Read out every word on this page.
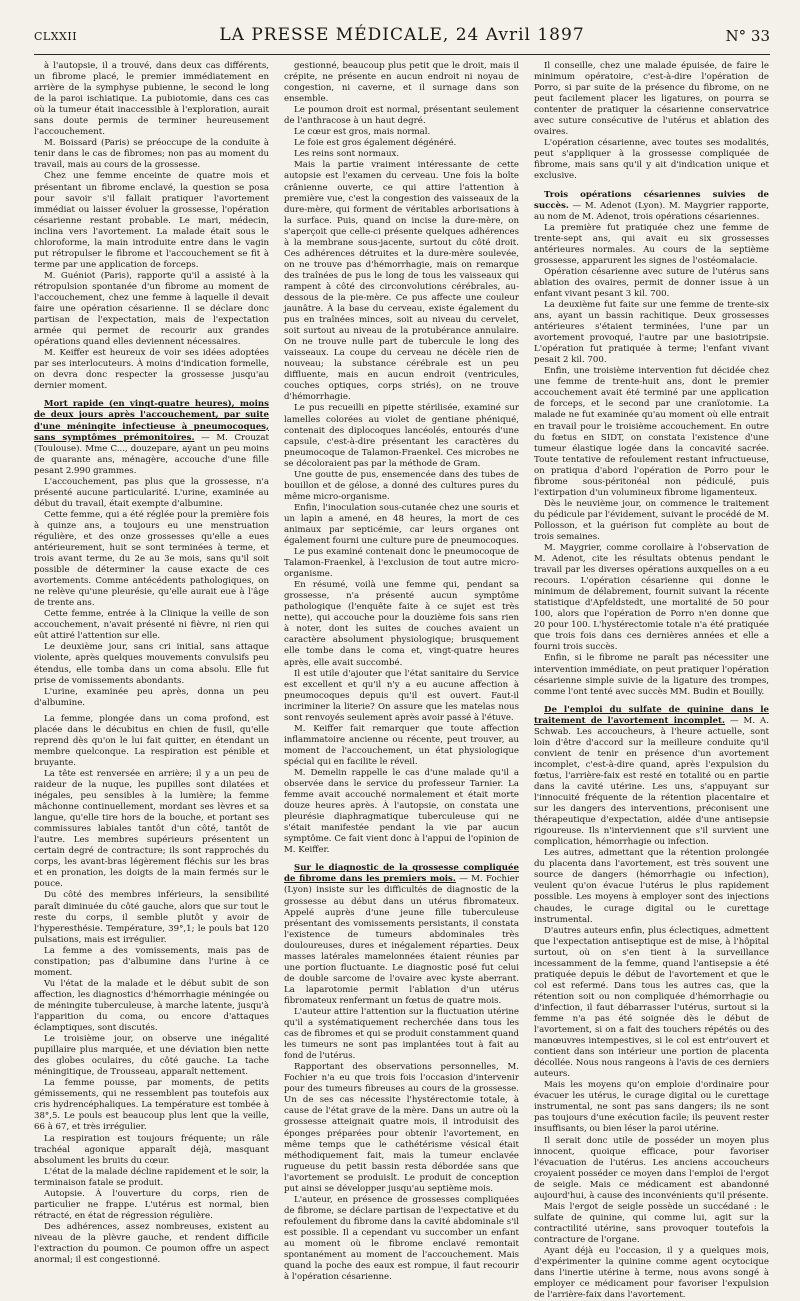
CLXXII	LA PRESSE MÉDICALE, 24 Avril 1897	N° 33

à l'autopsie, il a trouvé, dans deux cas différents, un fibrome placé, le premier immédiatement en arrière de la symphyse pubienne, le second le long de la paroi ischiatique. La pubiotomie, dans ces cas où la tumeur était inaccessible à l'exploration, aurait sans doute permis de terminer heureusement l'accouchement.

M. Boissard (Paris) se préoccupe de la conduite à tenir dans le cas de fibromes; non pas au moment du travail, mais au cours de la grossesse.

Chez une femme enceinte de quatre mois et présentant un fibrome enclavé, la question se posa pour savoir s'il fallait pratiquer l'avortement immédiat ou laisser évoluer la grossesse, l'opération césarienne restant probable. Le mari, médecin, inclina vers l'avortement. La malade était sous le chloroforme, la main introduite entre dans le vagin put rétropulser le fibrome et l'accouchement se fit à terme par une application de forceps.

M. Guéniot (Paris), rapporte qu'il a assisté à la rétropulsion spontanée d'un fibrome au moment de l'accouchement, chez une femme à laquelle il devait faire une opération césarienne. Il se déclare donc partisan de l'expectation, mais de l'expectation armée qui permet de recourir aux grandes opérations quand elles deviennent nécessaires.

M. Keiffer est heureux de voir ses idées adoptées par ses interlocuteurs. À moins d'indication formelle, on devra donc respecter la grossesse jusqu'au dernier moment.

Mort rapide (en vingt-quatre heures), moins de deux jours après l'accouchement, par suite d'une méningite infectieuse à pneumocoques, sans symptômes prémonitoires. — M. Crouzat (Toulouse). Mme C..., douzepare, ayant un peu moins de quarante ans, ménagère, accouche d'une fille pesant 2.990 grammes.

L'accouchement, pas plus que la grossesse, n'a présenté aucune particularité. L'urine, examinée au début du travail, était exempte d'albumine.

Cette femme, qui a été réglée pour la première fois à quinze ans, a toujours eu une menstruation régulière, et des onze grossesses qu'elle a eues antérieurement, huit se sont terminées à terme, et trois avant terme, du 2e au 3e mois, sans qu'il soit possible de déterminer la cause exacte de ces avortements. Comme antécédents pathologiques, on ne relève qu'une pleurésie, qu'elle aurait eue à l'âge de trente ans.

Cette femme, entrée à la Clinique la veille de son accouchement, n'avait présenté ni fièvre, ni rien qui eût attiré l'attention sur elle.

Le deuxième jour, sans cri initial, sans attaque violente, après quelques mouvements convulsifs peu étendus, elle tomba dans un coma absolu. Elle fut prise de vomissements abondants.

L'urine, examinée peu après, donna un peu d'albumine.

La femme, plongée dans un coma profond, est placée dans le décubitus en chien de fusil, qu'elle reprend dès qu'on le lui fait quitter, en étendant un membre quelconque. La respiration est pénible et bruyante.

La tête est renversée en arrière; il y a un peu de raideur de la nuque, les pupilles sont dilatées et inégales, peu sensibles à la lumière; la femme mâchonne continuellement, mordant ses lèvres et sa langue, qu'elle tire hors de la bouche, et portant ses commissures labiales tantôt d'un côté, tantôt de l'autre. Les membres supérieurs présentent un certain degré de contracture; ils sont rapprochés du corps, les avant-bras légèrement fléchis sur les bras et en pronation, les doigts de la main fermés sur le pouce.

Du côté des membres inférieurs, la sensibilité paraît diminuée du côté gauche, alors que sur tout le reste du corps, il semble plutôt y avoir de l'hyperesthésie. Température, 39°,1; le pouls bat 120 pulsations, mais est irrégulier.

La femme a des vomissements, mais pas de constipation; pas d'albumine dans l'urine à ce moment.

Vu l'état de la malade et le début subit de son affection, les diagnostics d'hémorrhagie méningée ou de méningite tuberculeuse, à marche latente, jusqu'à l'apparition du coma, ou encore d'attaques éclamptiques, sont discutés.

Le troisième jour, on observe une inégalité pupillaire plus marquée, et une déviation bien nette des globes oculaires, du côté gauche. La tache méningitique, de Trousseau, apparaît nettement.

La femme pousse, par moments, de petits gémissements, qui ne ressemblent pas toutefois aux cris hydrencéphaliques. La température est tombée à 38°,5. Le pouls est beaucoup plus lent que la veille, 66 à 67, et très irrégulier.

La respiration est toujours fréquente; un râle trachéal agonique apparaît déjà, masquant absolument les bruits du cœur.

L'état de la malade décline rapidement et le soir, la terminaison fatale se produit.

Autopsie. À l'ouverture du corps, rien de particulier ne frappe. L'utérus est normal, bien rétracté, en état de régression régulière.

Des adhérences, assez nombreuses, existent au niveau de la plèvre gauche, et rendent difficile l'extraction du poumon. Ce poumon offre un aspect anormal; il est congestionné.

gestionné, beaucoup plus petit que le droit, mais il crépite, ne présente en aucun endroit ni noyau de congestion, ni caverne, et il surnage dans son ensemble.

Le poumon droit est normal, présentant seulement de l'anthracose à un haut degré.

Le cœur est gros, mais normal.

Le foie est gros également dégénéré.

Les reins sont normaux.

Mais la partie vraiment intéressante de cette autopsie est l'examen du cerveau. Une fois la boîte crânienne ouverte, ce qui attire l'attention à première vue, c'est la congestion des vaisseaux de la dure-mère, qui forment de véritables arborisations à la surface. Puis, quand on incise la dure-mère, on s'aperçoit que celle-ci présente quelques adhérences à la membrane sous-jacente, surtout du côté droit. Ces adhérences détruites et la dure-mère soulevée, on ne trouve pas d'hémorrhagie, mais on remarque des traînées de pus le long de tous les vaisseaux qui rampent à côté des circonvolutions cérébrales, au-dessous de la pie-mère. Ce pus affecte une couleur jaunâtre. À la base du cerveau, existe également du pus en traînées minces, soit au niveau du cervelet, soit surtout au niveau de la protubérance annulaire. On ne trouve nulle part de tubercule le long des vaisseaux. La coupe du cerveau ne décèle rien de nouveau; la substance cérébrale est un peu diffluente, mais en aucun endroit (ventricules, couches optiques, corps striés), on ne trouve d'hémorrhagie.

Le pus recueilli en pipette stérilisée, examiné sur lamelles colorées au violet de gentiane phéniqué, contenait des diplocoques lancéolés, entourés d'une capsule, c'est-à-dire présentant les caractères du pneumocoque de Talamon-Fraenkel. Ces microbes ne se décoloraient pas par la méthode de Gram.

Une goutte de pus, ensemencée dans des tubes de bouillon et de gélose, a donné des cultures pures du même micro-organisme.

Enfin, l'inoculation sous-cutanée chez une souris et un lapin a amené, en 48 heures, la mort de ces animaux par septicémie, car leurs organes ont également fourni une culture pure de pneumocoques.

Le pus examiné contenait donc le pneumocoque de Talamon-Fraenkel, à l'exclusion de tout autre micro-organisme.

En résumé, voilà une femme qui, pendant sa grossesse, n'a présenté aucun symptôme pathologique (l'enquête faite à ce sujet est très nette), qui accouche pour la douzième fois sans rien à noter, dont les suites de couches avaient un caractère absolument physiologique; brusquement elle tombe dans le coma et, vingt-quatre heures après, elle avait succombé.

Il est utile d'ajouter que l'état sanitaire du Service est excellent et qu'il n'y a eu aucune affection à pneumocoques depuis qu'il est ouvert. Faut-il incriminer la literie? On assure que les matelas nous sont renvoyés seulement après avoir passé à l'étuve.

M. Keiffer fait remarquer que toute affection inflammatoire ancienne ou récente, peut trouver, au moment de l'accouchement, un état physiologique spécial qui en facilite le réveil.

M. Demelin rappelle le cas d'une malade qu'il a observée dans le service du professeur Tarnier. La femme avait accouché normalement et était morte douze heures après. À l'autopsie, on constata une pleurésie diaphragmatique tuberculeuse qui ne s'était manifestée pendant la vie par aucun symptôme. Ce fait vient donc à l'appui de l'opinion de M. Keiffer.

Sur le diagnostic de la grossesse compliquée de fibrome dans les premiers mois. — M. Fochier (Lyon) insiste sur les difficultés de diagnostic de la grossesse au début dans un utérus fibromateux. Appelé auprès d'une jeune fille tuberculeuse présentant des vomissements persistants, il constata l'existence de tumeurs abdominales très douloureuses, dures et inégalement réparties. Deux masses latérales mamelonnées étaient réunies par une portion fluctuante. Le diagnostic posé fut celui de double sarcome de l'ovaire avec kyste aberrant. La laparotomie permit l'ablation d'un utérus fibromateux renfermant un fœtus de quatre mois.

L'auteur attire l'attention sur la fluctuation utérine qu'il a systématiquement recherchée dans tous les cas de fibromes et qui se produit constamment quand les tumeurs ne sont pas implantées tout à fait au fond de l'utérus.

Rapportant des observations personnelles, M. Fochier n'a eu que trois fois l'occasion d'intervenir pour des tumeurs fibreuses au cours de la grossesse. Un de ses cas nécessite l'hystérectomie totale, à cause de l'état grave de la mère. Dans un autre où la grossesse atteignait quatre mois, il introduisit des éponges préparées pour obtenir l'avortement, en même temps que le cathétérisme vésical était méthodiquement fait, mais la tumeur enclavée rugueuse du petit bassin resta débordée sans que l'avortement se produisît. Le produit de conception put ainsi se développer jusqu'au septième mois.

L'auteur, en présence de grossesses compliquées de fibrome, se déclare partisan de l'expectative et du refoulement du fibrome dans la cavité abdominale s'il est possible. Il a cependant vu succomber un enfant au moment où le fibrome enclavé remontait spontanément au moment de l'accouchement. Mais quand la poche des eaux est rompue, il faut recourir à l'opération césarienne.

Il conseille, chez une malade épuisée, de faire le minimum opératoire, c'est-à-dire l'opération de Porro, si par suite de la présence du fibrome, on ne peut facilement placer les ligatures, on pourra se contenter de pratiquer la césarienne conservatrice avec suture consécutive de l'utérus et ablation des ovaires.

L'opération césarienne, avec toutes ses modalités, peut s'appliquer à la grossesse compliquée de fibrome, mais sans qu'il y ait d'indication unique et exclusive.

Trois opérations césariennes suivies de succès. — M. Adenot (Lyon). M. Maygrier rapporte, au nom de M. Adenot, trois opérations césariennes.

La première fut pratiquée chez une femme de trente-sept ans, qui avait eu six grossesses antérieures normales. Au cours de la septième grossesse, apparurent les signes de l'ostéomalacie.

Opération césarienne avec suture de l'utérus sans ablation des ovaires, permit de donner issue à un enfant vivant pesant 3 kil. 700.

La deuxième fut faite sur une femme de trente-six ans, ayant un bassin rachitique. Deux grossesses antérieures s'étaient terminées, l'une par un avortement provoqué, l'autre par une basiotripsie. L'opération fut pratiquée à terme; l'enfant vivant pesait 2 kil. 700.

Enfin, une troisième intervention fut décidée chez une femme de trente-huit ans, dont le premier accouchement avait été terminé par une application de forceps, et le second par une cranïotomie. La malade ne fut examinée qu'au moment où elle entrait en travail pour le troisième accouchement. En outre du fœtus en SIDT, on constata l'existence d'une tumeur élastique logée dans la concavité sacrée. Toute tentative de refoulement restant infructueuse, on pratiqua d'abord l'opération de Porro pour le fibrome sous-péritonéal non pédiculé, puis l'extirpation d'un volumineux fibrome ligamenteux.

Dès le neuvième jour, on commence le traitement du pédicule par l'évidement, suivant le procédé de M. Pollosson, et la guérison fut complète au bout de trois semaines.

M. Maygrier, comme corollaire à l'observation de M. Adenot, cite les résultats obtenus pendant le travail par les diverses opérations auxquelles on a eu recours. L'opération césarienne qui donne le minimum de délabrement, fournit suivant la récente statistique d'Apfeldstedt, une mortalité de 50 pour 100, alors que l'opération de Porro n'en donne que 20 pour 100. L'hystérectomie totale n'a été pratiquée que trois fois dans ces dernières années et elle a fourni trois succès.

Enfin, si le fibrome ne paraît pas nécessiter une intervention immédiate, on peut pratiquer l'opération césarienne simple suivie de la ligature des trompes, comme l'ont tenté avec succès MM. Budin et Bouilly.

De l'emploi du sulfate de quinine dans le traitement de l'avortement incomplet. — M. A. Schwab. Les accoucheurs, à l'heure actuelle, sont loin d'être d'accord sur la meilleure conduite qu'il convient de tenir en présence d'un avortement incomplet, c'est-à-dire quand, après l'expulsion du fœtus, l'arrière-faix est resté en totalité ou en partie dans la cavité utérine. Les uns, s'appuyant sur l'innocuité fréquente de la rétention placentaire et sur les dangers des interventions, préconisent une thérapeutique d'expectation, aidée d'une antisepsie rigoureuse. Ils n'interviennent que s'il survient une complication, hémorrhagie ou infection.

Les autres, admettant que la rétention prolongée du placenta dans l'avortement, est très souvent une source de dangers (hémorrhagie ou infection), veulent qu'on évacue l'utérus le plus rapidement possible. Les moyens à employer sont des injections chaudes, le curage digital ou le curettage instrumental.

D'autres auteurs enfin, plus éclectiques, admettent que l'expectation antiseptique est de mise, à l'hôpital surtout, où on s'en tient à la surveillance incessamment de la femme, quand l'antisepsie a été pratiquée depuis le début de l'avortement et que le col est refermé. Dans tous les autres cas, que la rétention soit ou non compliquée d'hémorrhagie ou d'infection, il faut débarrasser l'utérus, surtout si la femme n'a pas été soignée dès le début de l'avortement, si on a fait des touchers répétés ou des manœuvres intempestives, si le col est entr'ouvert et contient dans son intérieur une portion de placenta décollée. Nous nous rangeons à l'avis de ces derniers auteurs.

Mais les moyens qu'on emploie d'ordinaire pour évacuer les utérus, le curage digital ou le curettage instrumental, ne sont pas sans dangers; ils ne sont pas toujours d'une exécution facile; ils peuvent rester insuffisants, ou bien léser la paroi utérine.

Il serait donc utile de posséder un moyen plus innocent, quoique efficace, pour favoriser l'évacuation de l'utérus. Les anciens accoucheurs croyaient posséder ce moyen dans l'emploi de l'ergot de seigle. Mais ce médicament est abandonné aujourd'hui, à cause des inconvénients qu'il présente.

Mais l'ergot de seigle possède un succédané : le sulfate de quinine, qui comme lui, agit sur la contractilité utérine, sans provoquer toutefois la contracture de l'organe.

Ayant déjà eu l'occasion, il y a quelques mois, d'expérimenter la quinine comme agent ocytocique dans l'inertie utérine à terme, nous avons songé à employer ce médicament pour favoriser l'expulsion de l'arrière-faix dans l'avortement.
